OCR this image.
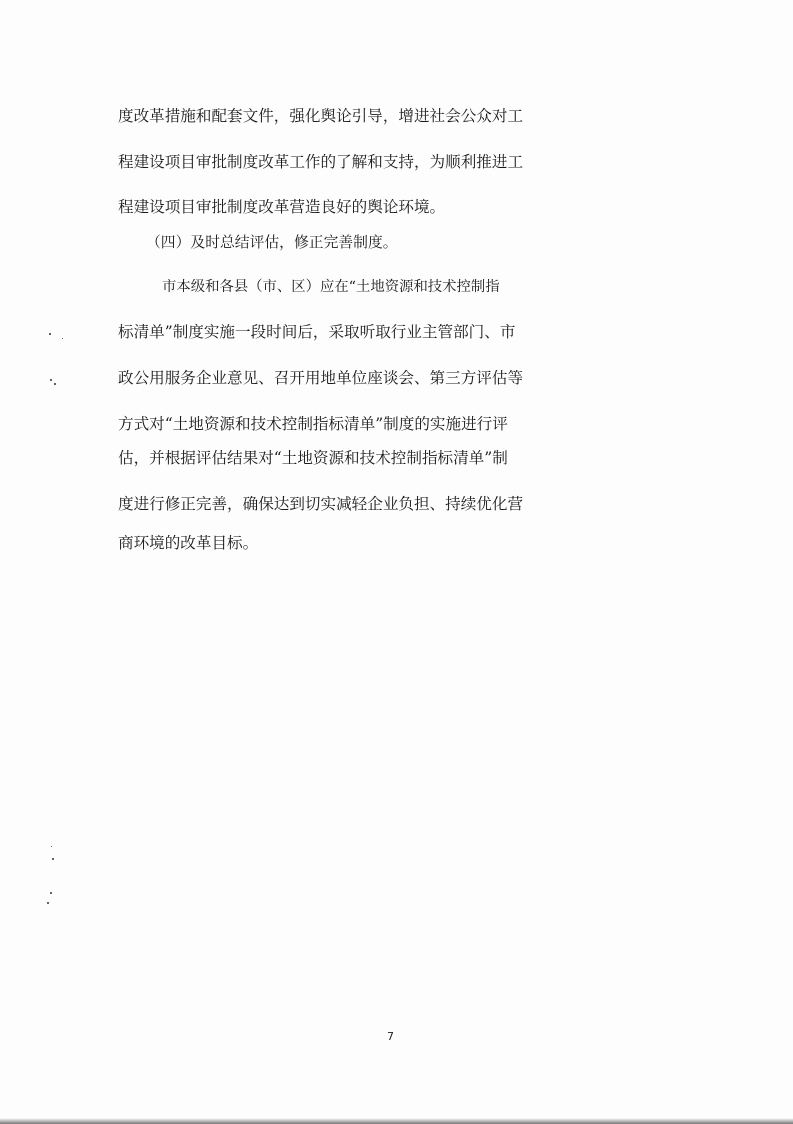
度改革措施和配套文件，强化舆论引导，增进社会公众对工
程建设项目审批制度改革工作的了解和支持，为顺利推进工
程建设项目审批制度改革营造良好的舆论环境。
（四）及时总结评估，修正完善制度。
市本级和各县（市、区）应在“土地资源和技术控制指
标清单”制度实施一段时间后，采取听取行业主管部门、市
政公用服务企业意见、召开用地单位座谈会、第三方评估等
方式对“土地资源和技术控制指标清单”制度的实施进行评
估，并根据评估结果对“土地资源和技术控制指标清单”制
度进行修正完善，确保达到切实减轻企业负担、持续优化营
商环境的改革目标。
7
